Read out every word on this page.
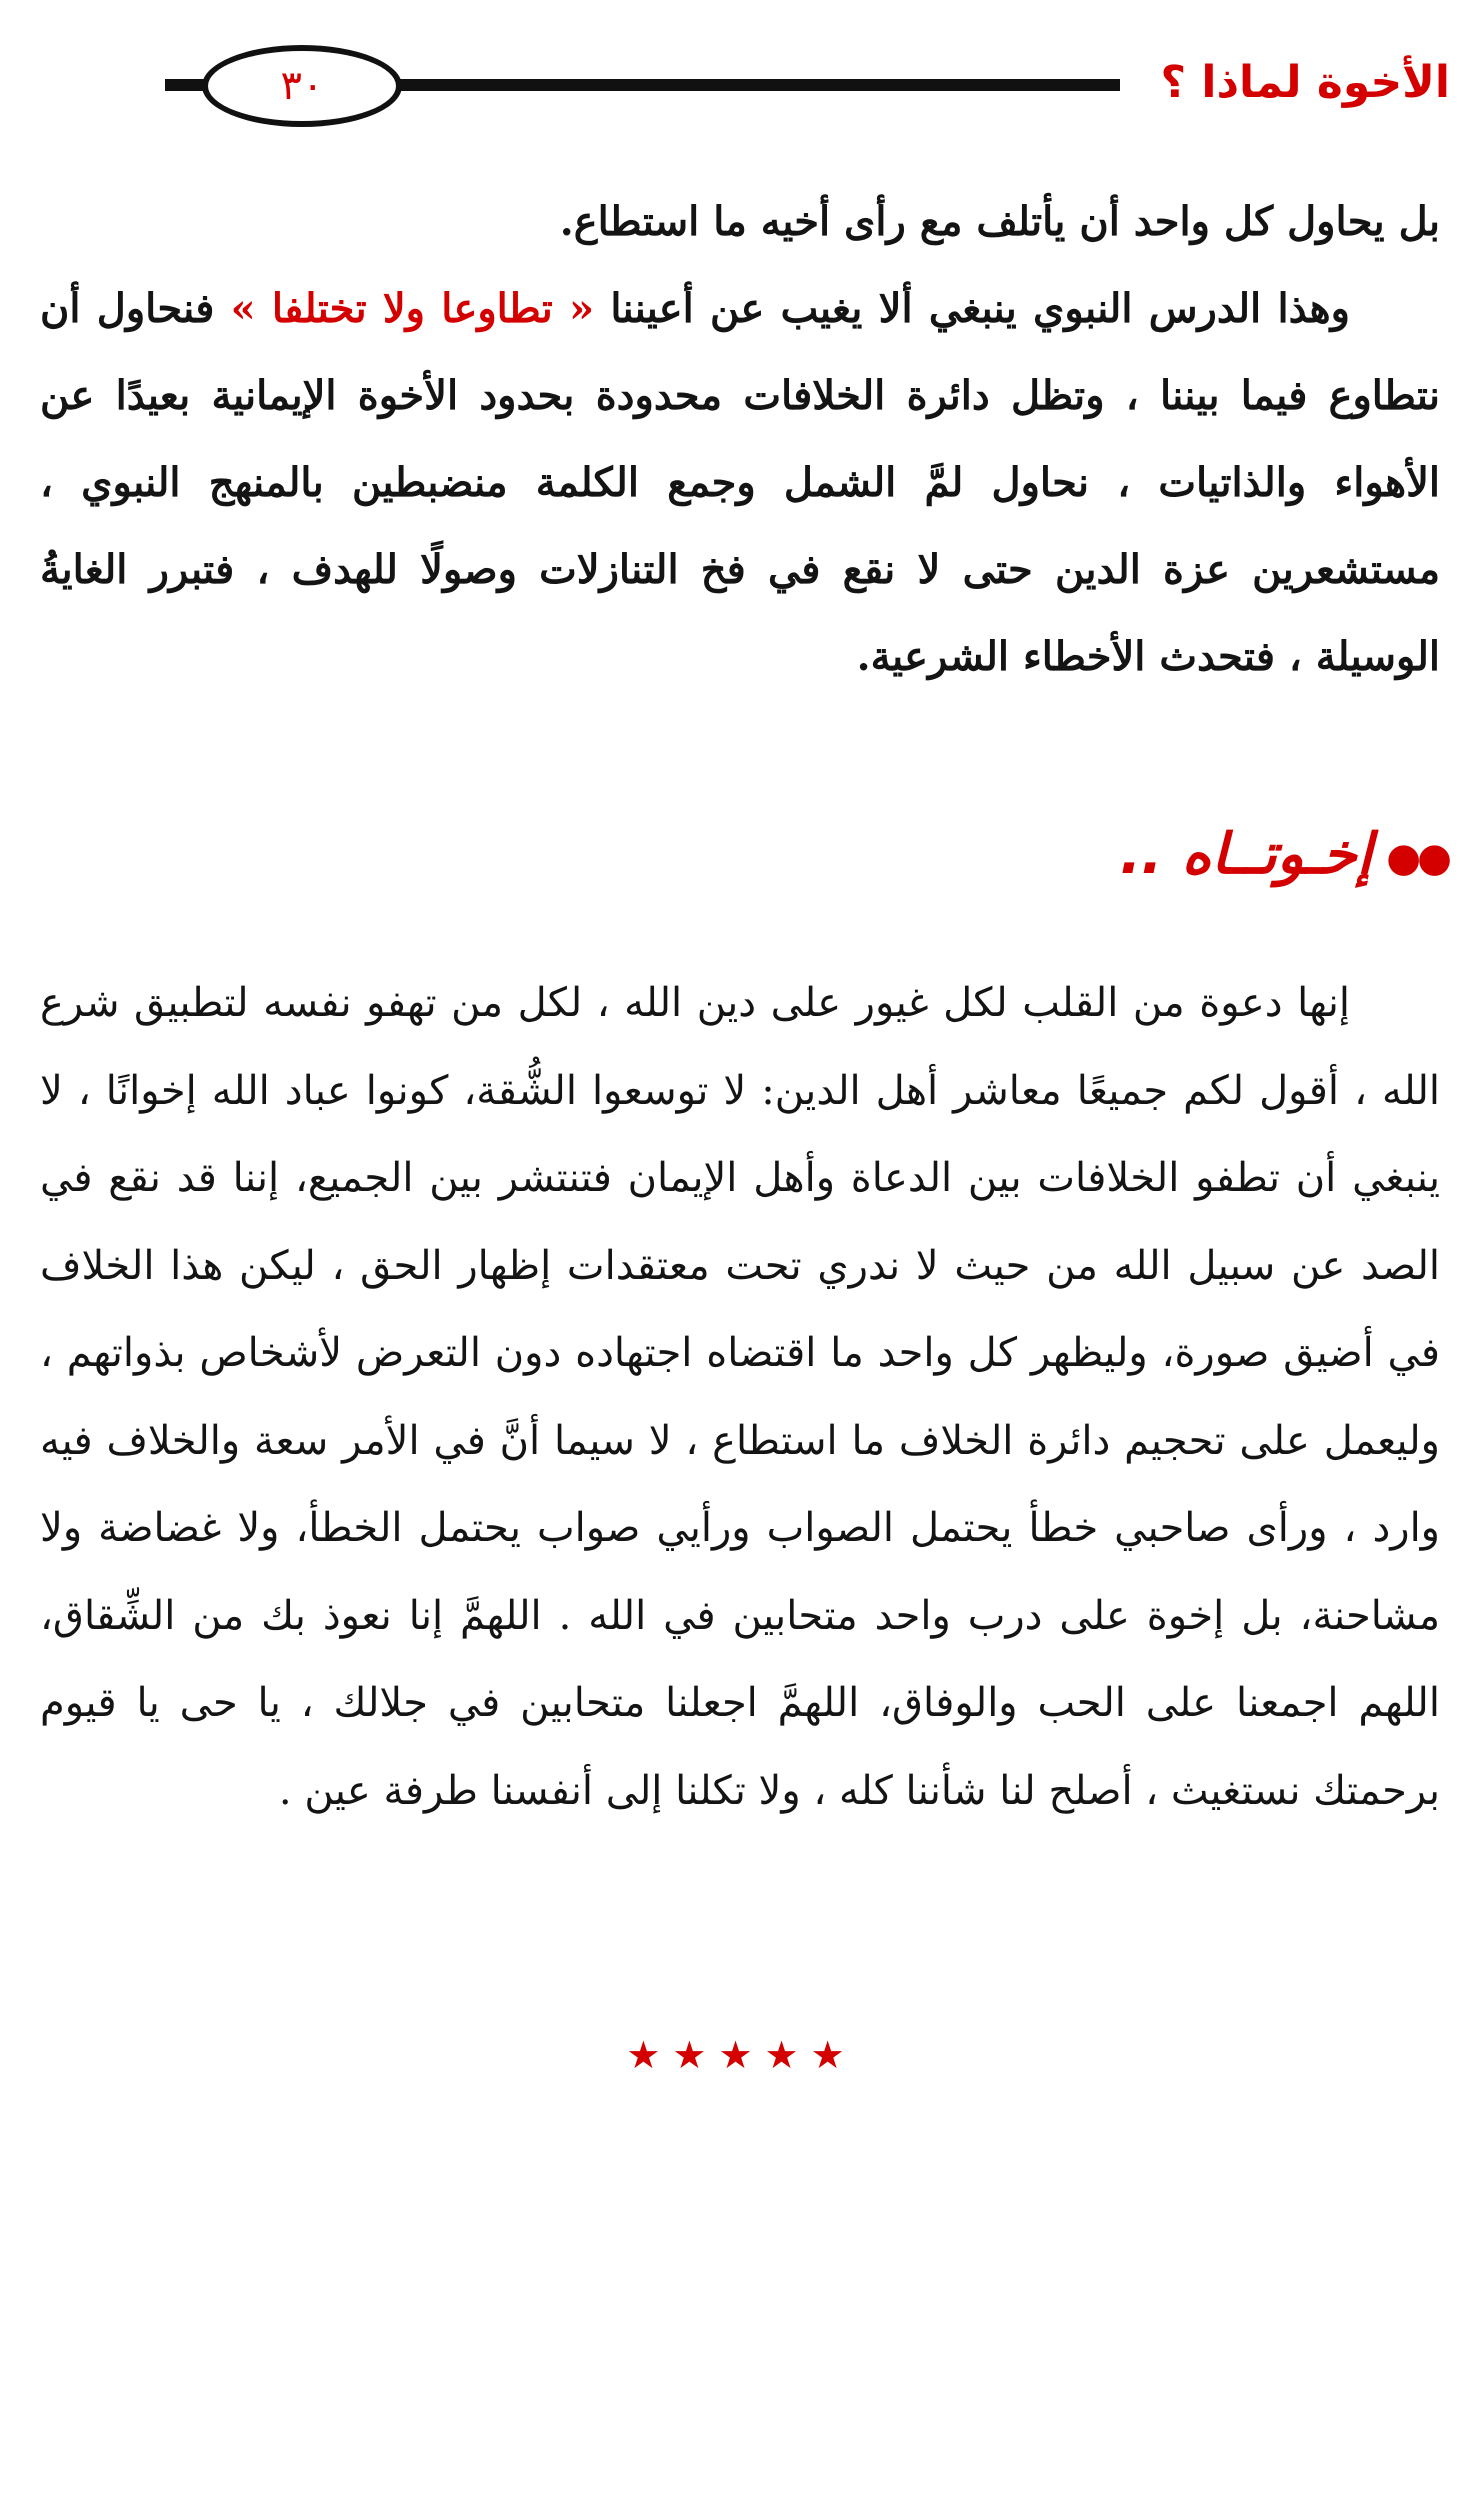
٣٠	الأخوة لماذا ؟

بل يحاول كل واحد أن يأتلف مع رأى أخيه ما استطاع.

وهذا الدرس النبوي ينبغي ألا يغيب عن أعيننا « تطاوعا ولا تختلفا » فنحاول أن نتطاوع فيما بيننا ، وتظل دائرة الخلافات محدودة بحدود الأخوة الإيمانية بعيدًا عن الأهواء والذاتيات ، نحاول لمَّ الشمل وجمع الكلمة منضبطين بالمنهج النبوي ، مستشعرين عزة الدين حتى لا نقع في فخ التنازلات وصولًا للهدف ، فتبرر الغايةُ الوسيلة ، فتحدث الأخطاء الشرعية.

●●إخـوتــاه ..

إنها دعوة من القلب لكل غيور على دين الله ، لكل من تهفو نفسه لتطبيق شرع الله ، أقول لكم جميعًا معاشر أهل الدين: لا توسعوا الشُّقة، كونوا عباد الله إخوانًا ، لا ينبغي أن تطفو الخلافات بين الدعاة وأهل الإيمان فتنتشر بين الجميع، إننا قد نقع في الصد عن سبيل الله من حيث لا ندري تحت معتقدات إظهار الحق ، ليكن هذا الخلاف في أضيق صورة، وليظهر كل واحد ما اقتضاه اجتهاده دون التعرض لأشخاص بذواتهم ، وليعمل على تحجيم دائرة الخلاف ما استطاع ، لا سيما أنَّ في الأمر سعة والخلاف فيه وارد ، ورأى صاحبي خطأ يحتمل الصواب ورأيي صواب يحتمل الخطأ، ولا غضاضة ولا مشاحنة، بل إخوة على درب واحد متحابين في الله . اللهمَّ إنا نعوذ بك من الشِّقاق، اللهم اجمعنا على الحب والوفاق، اللهمَّ اجعلنا متحابين في جلالك ، يا حى يا قيوم برحمتك نستغيث ، أصلح لنا شأننا كله ، ولا تكلنا إلى أنفسنا طرفة عين .

★★★★★
